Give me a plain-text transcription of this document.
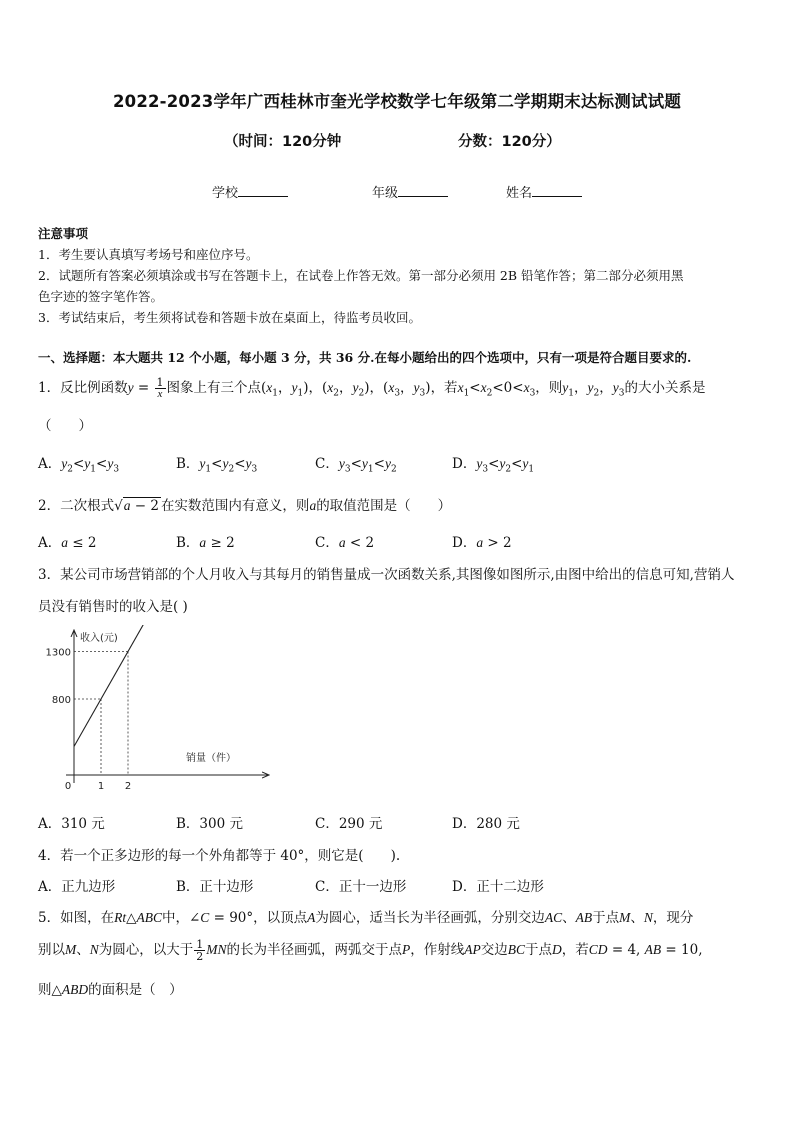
2022-2023学年广西桂林市奎光学校数学七年级第二学期期末达标测试试题
（时间：120分钟	分数：120分）
学校	年级	姓名
注意事项
1．考生要认真填写考场号和座位序号。
2．试题所有答案必须填涂或书写在答题卡上，在试卷上作答无效。第一部分必须用 2B 铅笔作答；第二部分必须用黑
色字迹的签字笔作答。
3．考试结束后，考生须将试卷和答题卡放在桌面上，待监考员收回。
一、选择题：本大题共 12 个小题，每小题 3 分，共 36 分.在每小题给出的四个选项中，只有一项是符合题目要求的.
1．反比例函数$y = \frac{1}{x}$ 图象上有三个点($x_1$，$y_1$)，($x_2$，$y_2$)，($x_3$，$y_3$)，若$x_1<x_2<0<x_3$，则$y_1$，$y_2$，$y_3$的大小关系是
（　　）
A．$y_2<y_1<y_3$	B．$y_1<y_2<y_3$	C．$y_3<y_1<y_2$	D．$y_3<y_2<y_1$
2．二次根式√a − 2 在实数范围内有意义，则a的取值范围是（　　）
A．a ≤ 2	B．a ≥ 2	C．a < 2	D．a > 2
3．某公司市场营销部的个人月收入与其每月的销售量成一次函数关系,其图像如图所示,由图中给出的信息可知,营销人
员没有销售时的收入是( )
收入(元)
销量（件）
0	1 2
800
1300
A．310 元	B．300 元	C．290 元	D．280 元
4．若一个正多边形的每一个外角都等于 40°，则它是(　　).
A．正九边形	B．正十边形	C．正十一边形	D．正十二边形
5．如图，在Rt△ABC中，∠C = 90°，以顶点A为圆心，适当长为半径画弧，分别交边AC、AB于点M、N，现分
别以M、N为圆心，以大于 $\frac{1}{2}$ MN的长为半径画弧，两弧交于点P，作射线AP交边BC于点D，若CD = 4, AB = 10,
则△ABD的面积是（　）
